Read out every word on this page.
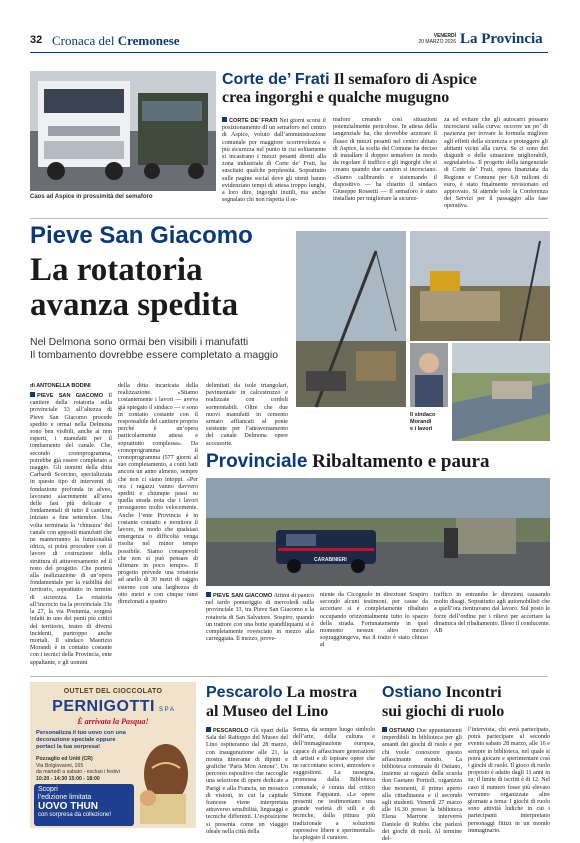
32 Cronaca del Cremonese	VENERDÌ
20 MARZO 2026 La Provincia
Caos ad Aspice in prossimità del semaforo
Corte de’ Frati Il semaforo di Aspice
crea ingorghi e qualche mugugno
CORTE DE’ FRATI Nei giorni scorsi il posizionamento di un semaforo nel centro di Aspice, voluto dall’amministrazione comunale per maggiore scorrevolezza e più sicurezza nel punto in cui solitamente si incastrano i mezzi pesanti diretti alla zona industriale di Corte de’ Frati, ha suscitato qualche perplessità. Soprattutto sulle pagine social dove gli utenti hanno evidenziato tempi di attesa troppo lunghi, a loro dire, ingorghi inutili, ma anche segnalato chi non rispetta il se-
maforo creando così situazioni potenzialmente pericolose. In attesa della tangenziale ha, che dovrebbe azzerare il flusso di mezzi pesanti nel centro abitato di Aspice, la scelta del Comune ha deciso di installare il doppio semaforo in modo da regolare il traffico e gli ingorghi che si creano quando due camion si incrociano. «Siamo calibrando e sistemando il dispositivo — ha chiarito il sindaco Giuseppe Rossetti — Il semaforo è stato installato per migliorare la sicurez-
za ed evitare che gli autocarri possano incrociarsi sulla curva: occorre un po’ di pazienza per trovare la formula migliore agli effetti della sicurezza e proteggere gli abitanti vicini alla curva. Se ci sono dei disguidi o delle situazioni migliorabili, segnalatelo». Il progetto della tangenziale di Corte de’ Frati, opera finanziata da Regione e Comune per 6,8 milioni di euro, è stato finalmente revisionato ed approvato. Si attende solo la Conferenza dei Servizi per il passaggio alla fase operativa.
Pieve San Giacomo
La rotatoria
avanza spedita
Nel Delmona sono ormai ben visibili i manufatti
Il tombamento dovrebbe essere completato a maggio
di ANTONELLA BODINI
PIEVE SAN GIACOMO Il cantiere della rotatoria sulla provinciale 33 all’altezza di Pieve San Giacomo procede spedito e ormai nella Delmona sono ben visibili, anche ai non esperti, i manufatti per il tombamento del canale. Che, secondo cronoprogramma, potrebbe già essere completato a maggio. Gli uomini della ditta Carbardi Scorcino, specializzata in questo tipo di interventi di fondazione profonda in alveo, lavorano alacremente all’area delle fasi più delicate e fondamentali di tutto il cantiere, iniziato a fine settembre. Una volta terminata la ‘chiusura’ del canale con appositi manufatti che ne manterranno la funzionalità idrica, si potrà procedere con il lavoro di costruzione della struttura di attraversamento ed il resto del progetto. Che porterà alla realizzazione di un’opera fondamentale per la viabilità del territorio, soprattutto in termini di sicurezza. La rotatoria all’incrocio tra la provinciale 33e la 27, la via Postumia, sorgerà infatti in uno dei punti più critici del territorio, teatro di diversi incidenti, purtroppo anche mortali. Il sindaco Maurizio Morandi è in contatto costante con i tecnici della Provincia, ente appaltante, e gli uomini
della ditta incaricata della realizzazione. «Stiamo costantemente i lavori — aveva già spiegato il sindaco — e sono in contatto costante con il responsabile del cantiere proprio perché è un’opera particolarmente attesa e soprattutto complessa». Da cronoprogramma il cronoprogramma (577 giorni al suo completamento, a conti fatti ancora un anno almeno, sempre che non ci siano intoppi. «Per ora i ragazzi vanno davvero spediti e chiunque passi su quella strada nota che i lavori proseguono molto velocemente. Anche l’ente Provincia è in costante contatto e monitora il lavoro, in modo che qualsiasi emergenza o difficoltà venga risolta nel minor tempo possibile. Siamo consapevoli che non si può pensare di ultimare in poco tempo». Il progetto prevede una rotatoria ad anello di 30 metri di raggio esterno con una larghezza di otto metri e con cinque rami direzionati a quattro
delimitati da isole triangolari, pavimentate in calcestruzzo e realizzate con cordoli sormontabili. Oltre che due nuovi manufatti in cemento armato affiancati al ponte esistente per l’attraversamento del canale Delmona opere accessorie.
Il sindaco
Morandi
e i lavori
Provinciale Ribaltamento e paura
CARABINIERI
PIEVE SAN GIACOMO Attimi di panico nel tardo pomeriggio di mercoledì sulla provinciale 33, tra Pieve San Giacomo e la rotatoria di San Salvatore. Sospiro, quando un trattore con una botte spandiliquami si è completamente rovesciato in mezzo alla carreggiata. Il mezzo, prove-
niente da Cicognolo in direzione Sospiro secondo alcuni testimoni, per cause da accertare si è completamente ribaltato occupando orizzontalmente tutto lo spazio della strada. Fortunatamente in quel momento nessun altro mezzo sopraggiungeva, ma il tratto è stato chiuso al
traffico in entrambe le direzioni causando molto disagi. Soprattutto agli automobilisti che a quell’ora rientravano dal lavoro. Sul posto le forze dell’ordine per i rilievi per accertare la dinamica del ribaltamento. Illeso il conducente. AB
OUTLET DEL CIOCCOLATO
PERNIGOTTI S P A
È arrivata la Pasqua!
Personalizza il tuo uovo con una decorazione speciale oppure portaci la tua sorpresa!
Pozzaglio ed Uniti (CR)
Via Bolgiovanni, 165
da martedì a sabato - esclusi i festivi
10:20 - 14:30 15:00 - 18:00
Scopri
l’edizione limitata
UOVO THUN
con sorpresa da collezione!
Pescarolo La mostra
al Museo del Lino
PESCAROLO Gli spazi della Sala del Rattoppo del Museo del Lino ospiteranno dal 28 marzo, con inaugurazione alle 21, la mostra itinerante di dipinti e grafiche ‘Paris Mon Amour’. Un percorso espositivo che raccoglie una selezione di opere dedicate a Parigi e alla Francia, un mosaico di visioni, in cui la capitale francese viene interpretata attraverso sensibilità, linguaggi e tecniche differenti. L’esposizione si presenta come un viaggio ideale nella città della
Senna, da sempre luogo simbolo dell’arte, della cultura e dell’immaginazione europea, capace di affascinare generazioni di artisti e di ispirare opere che ne raccontano scorci, atmosfere e suggestioni. La rassegna, promossa dalla Biblioteca comunale, è curata dal critico Simone Fappanni. «Le opere presenti ne testimoniano una grande varietà di stili e di tecniche, dalla pittura più tradizionale a soluzioni espressive libere e sperimentali» ha spiegato il curatore.
Ostiano Incontri
sui giochi di ruolo
OSTIANO Due appuntamenti imperdibili in biblioteca per gli amanti dei giochi di ruolo e per chi vuole conoscere questo affascinante mondo. La biblioteca comunale di Ostiano, insieme ai ragazzi della scuola don Gaetano Portioli, organizza due momenti, il primo aperto alla cittadinanza e il secondo agli studenti. Venerdì 27 marzo alle 16.30 presso la biblioteca Elena Marrone interverrà Daniele di Rubbo che parlerà dei giochi di ruoli. Al termine del-
l’intervista, chi avrà partecipato, potrà partecipare al secondo evento sabato 28 marzo, alle 16 e sempre in biblioteca, nel quale si potrà giocare e sperimentare così i giochi di ruolo. Il gioco di ruolo proposto è adatto dagli 11 anni in su; il limite di iscritti è di 12. Nel caso il numero fosse più elevato verranno organizzate altre giornate a tema: I giochi di ruolo sono attività ludiche in cui i partecipanti interpretano personaggi fittizi in un mondo immaginario.
